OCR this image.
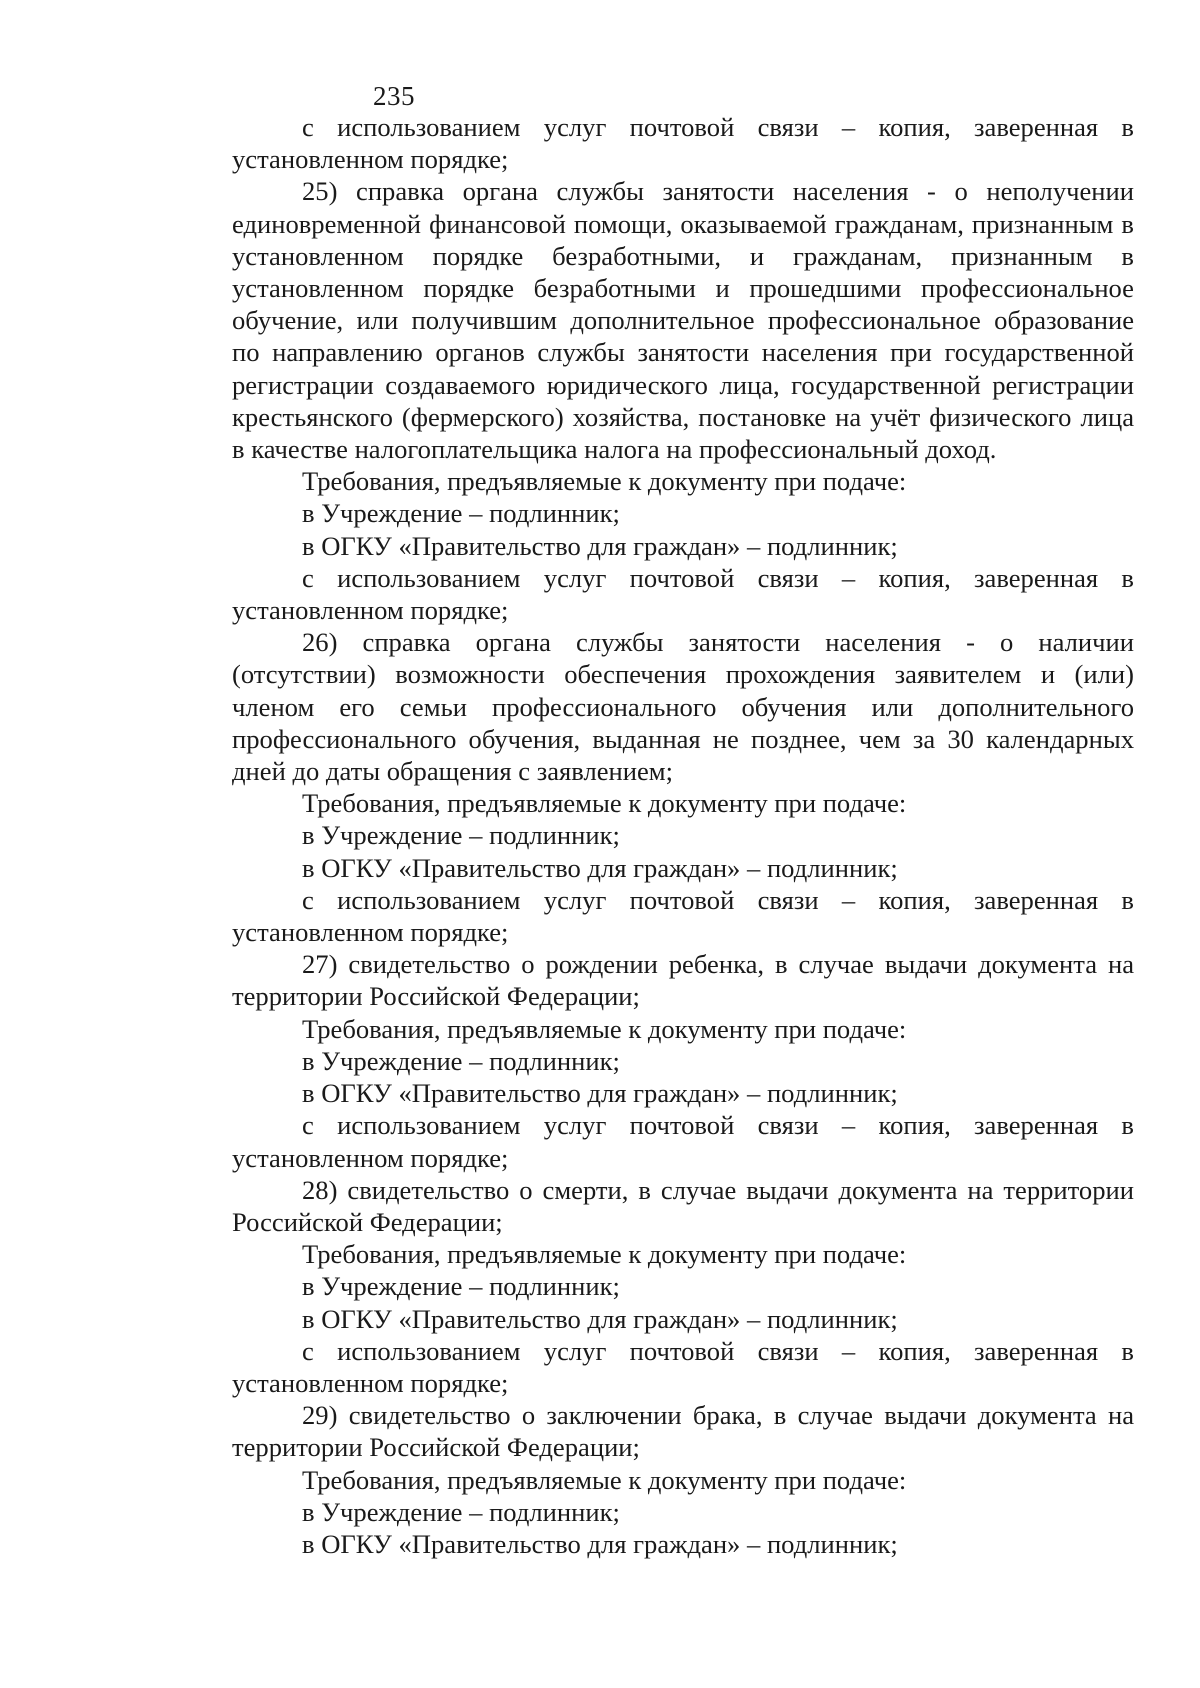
235

с использованием услуг почтовой связи – копия, заверенная в установленном порядке;

25) справка органа службы занятости населения - о неполучении единовременной финансовой помощи, оказываемой гражданам, признанным в установленном порядке безработными, и гражданам, признанным в установленном порядке безработными и прошедшими профессиональное обучение, или получившим дополнительное профессиональное образование по направлению органов службы занятости населения при государственной регистрации создаваемого юридического лица, государственной регистрации крестьянского (фермерского) хозяйства, постановке на учёт физического лица в качестве налогоплательщика налога на профессиональный доход.

Требования, предъявляемые к документу при подаче:

в Учреждение – подлинник;

в ОГКУ «Правительство для граждан» – подлинник;

с использованием услуг почтовой связи – копия, заверенная в установленном порядке;

26) справка органа службы занятости населения - о наличии (отсутствии) возможности обеспечения прохождения заявителем и (или) членом его семьи профессионального обучения или дополнительного профессионального обучения, выданная не позднее, чем за 30 календарных дней до даты обращения с заявлением;

Требования, предъявляемые к документу при подаче:

в Учреждение – подлинник;

в ОГКУ «Правительство для граждан» – подлинник;

с использованием услуг почтовой связи – копия, заверенная в установленном порядке;

27) свидетельство о рождении ребенка, в случае выдачи документа на территории Российской Федерации;

Требования, предъявляемые к документу при подаче:

в Учреждение – подлинник;

в ОГКУ «Правительство для граждан» – подлинник;

с использованием услуг почтовой связи – копия, заверенная в установленном порядке;

28) свидетельство о смерти, в случае выдачи документа на территории Российской Федерации;

Требования, предъявляемые к документу при подаче:

в Учреждение – подлинник;

в ОГКУ «Правительство для граждан» – подлинник;

с использованием услуг почтовой связи – копия, заверенная в установленном порядке;

29) свидетельство о заключении брака, в случае выдачи документа на территории Российской Федерации;

Требования, предъявляемые к документу при подаче:

в Учреждение – подлинник;

в ОГКУ «Правительство для граждан» – подлинник;
